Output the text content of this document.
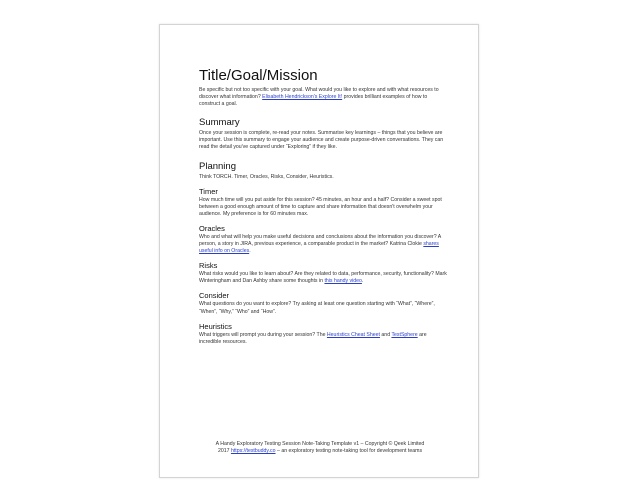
Title/Goal/Mission

Be specific but not too specific with your goal. What would you like to explore and with what resources to discover what information? Elisabeth Hendrickson's Explore It! provides brilliant examples of how to construct a goal.

Summary

Once your session is complete, re-read your notes. Summarise key learnings – things that you believe are important. Use this summary to engage your audience and create purpose-driven conversations. They can read the detail you've captured under “Exploring” if they like.

Planning

Think TORCH. Timer, Oracles, Risks, Consider, Heuristics.

Timer

How much time will you put aside for this session? 45 minutes, an hour and a half? Consider a sweet spot between a good enough amount of time to capture and share information that doesn't overwhelm your audience. My preference is for 60 minutes max.

Oracles

Who and what will help you make useful decisions and conclusions about the information you discover? A person, a story in JIRA, previous experience, a comparable product in the market? Katrina Clokie shares useful info on Oracles.

Risks

What risks would you like to learn about? Are they related to data, performance, security, functionality? Mark Winteringham and Dan Ashby share some thoughts in this handy video.

Consider

What questions do you want to explore? Try asking at least one question starting with “What”, “Where”, “When”, “Why,” “Who” and “How”.

Heuristics

What triggers will prompt you during your session? The Heuristics Cheat Sheet and TestSphere are incredible resources.

A Handy Exploratory Testing Session Note-Taking Template v1 – Copyright © Qeek Limited
2017 https://testbuddy.co – an exploratory testing note-taking tool for development teams
